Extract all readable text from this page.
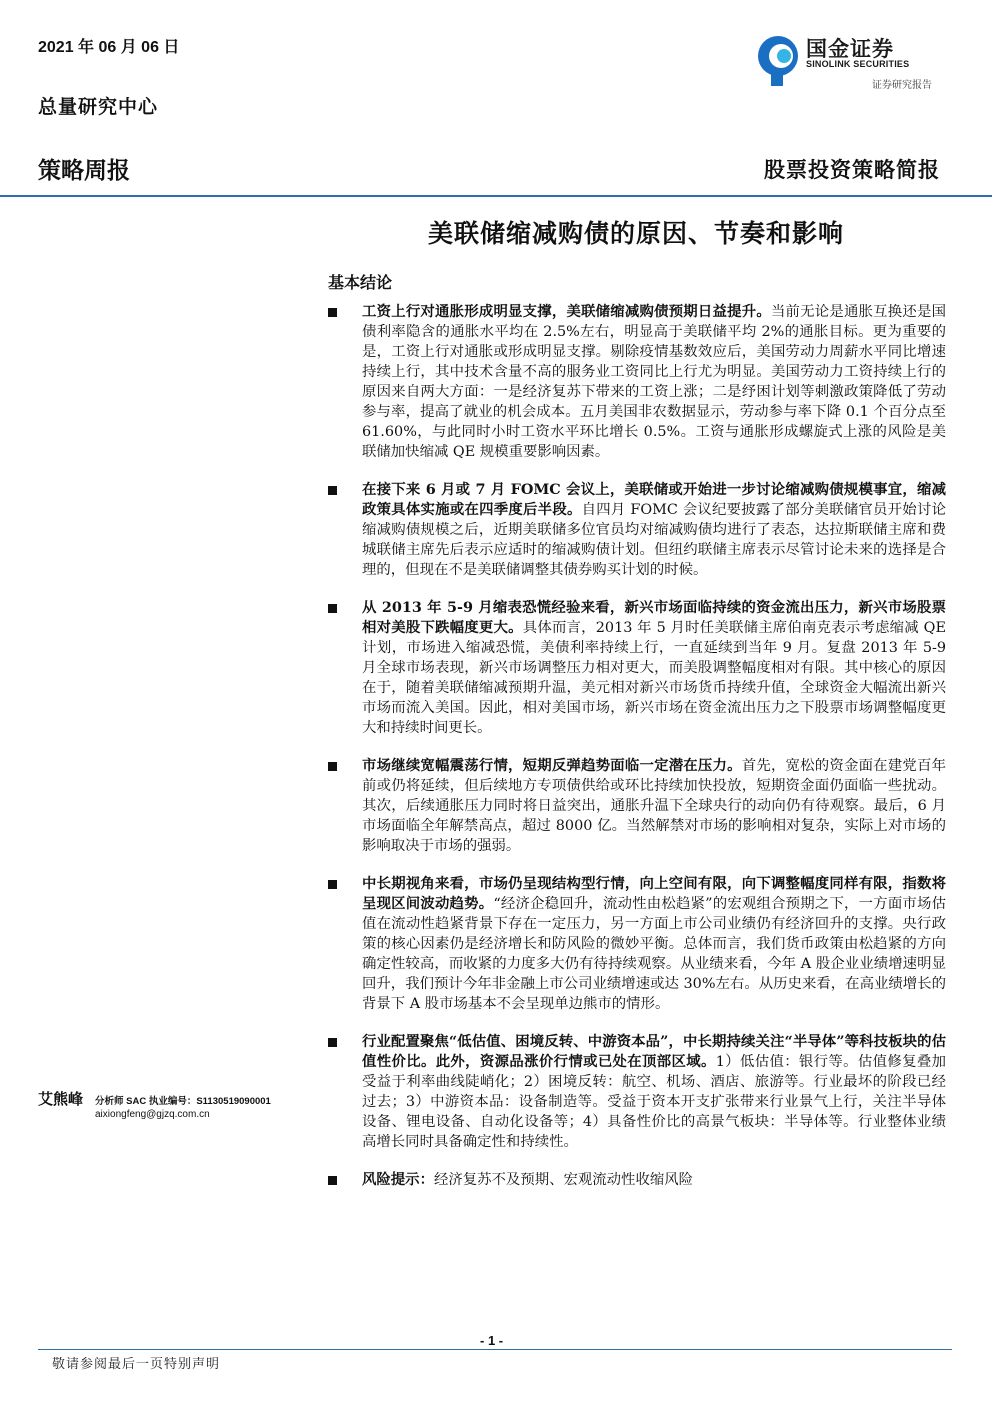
2021 年 06 月 06 日
总量研究中心
国金证券
SINOLINK SECURITIES
证券研究报告
策略周报	股票投资策略简报
美联储缩减购债的原因、节奏和影响
基本结论
工资上行对通胀形成明显支撑，美联储缩减购债预期日益提升。当前无论是通胀互换还是国债利率隐含的通胀水平均在 2.5%左右，明显高于美联储平均 2%的通胀目标。更为重要的是，工资上行对通胀或形成明显支撑。剔除疫情基数效应后，美国劳动力周薪水平同比增速持续上行，其中技术含量不高的服务业工资同比上行尤为明显。美国劳动力工资持续上行的原因来自两大方面：一是经济复苏下带来的工资上涨；二是纾困计划等刺激政策降低了劳动参与率，提高了就业的机会成本。五月美国非农数据显示，劳动参与率下降 0.1 个百分点至 61.60%，与此同时小时工资水平环比增长 0.5%。工资与通胀形成螺旋式上涨的风险是美联储加快缩减 QE 规模重要影响因素。
在接下来 6 月或 7 月 FOMC 会议上，美联储或开始进一步讨论缩减购债规模事宜，缩减政策具体实施或在四季度后半段。自四月 FOMC 会议纪要披露了部分美联储官员开始讨论缩减购债规模之后，近期美联储多位官员均对缩减购债均进行了表态，达拉斯联储主席和费城联储主席先后表示应适时的缩减购债计划。但纽约联储主席表示尽管讨论未来的选择是合理的，但现在不是美联储调整其债券购买计划的时候。
从 2013 年 5-9 月缩表恐慌经验来看，新兴市场面临持续的资金流出压力，新兴市场股票相对美股下跌幅度更大。具体而言，2013 年 5 月时任美联储主席伯南克表示考虑缩减 QE 计划，市场进入缩减恐慌，美债利率持续上行，一直延续到当年 9 月。复盘 2013 年 5-9 月全球市场表现，新兴市场调整压力相对更大，而美股调整幅度相对有限。其中核心的原因在于，随着美联储缩减预期升温，美元相对新兴市场货币持续升值，全球资金大幅流出新兴市场而流入美国。因此，相对美国市场，新兴市场在资金流出压力之下股票市场调整幅度更大和持续时间更长。
市场继续宽幅震荡行情，短期反弹趋势面临一定潜在压力。首先，宽松的资金面在建党百年前或仍将延续，但后续地方专项债供给或环比持续加快投放，短期资金面仍面临一些扰动。其次，后续通胀压力同时将日益突出，通胀升温下全球央行的动向仍有待观察。最后，6 月市场面临全年解禁高点，超过 8000 亿。当然解禁对市场的影响相对复杂，实际上对市场的影响取决于市场的强弱。
中长期视角来看，市场仍呈现结构型行情，向上空间有限，向下调整幅度同样有限，指数将呈现区间波动趋势。“经济企稳回升，流动性由松趋紧”的宏观组合预期之下，一方面市场估值在流动性趋紧背景下存在一定压力，另一方面上市公司业绩仍有经济回升的支撑。央行政策的核心因素仍是经济增长和防风险的微妙平衡。总体而言，我们货币政策由松趋紧的方向确定性较高，而收紧的力度多大仍有待持续观察。从业绩来看，今年 A 股企业业绩增速明显回升，我们预计今年非金融上市公司业绩增速或达 30%左右。从历史来看，在高业绩增长的背景下 A 股市场基本不会呈现单边熊市的情形。
行业配置聚焦“低估值、困境反转、中游资本品”，中长期持续关注“半导体”等科技板块的估值性价比。此外，资源品涨价行情或已处在顶部区域。1）低估值：银行等。估值修复叠加受益于利率曲线陡峭化；2）困境反转：航空、机场、酒店、旅游等。行业最坏的阶段已经过去；3）中游资本品：设备制造等。受益于资本开支扩张带来行业景气上行，关注半导体设备、锂电设备、自动化设备等；4）具备性价比的高景气板块：半导体等。行业整体业绩高增长同时具备确定性和持续性。
风险提示：经济复苏不及预期、宏观流动性收缩风险
艾熊峰 分析师 SAC 执业编号：S1130519090001
aixiongfeng@gjzq.com.cn
- 1 -
敬请参阅最后一页特别声明
